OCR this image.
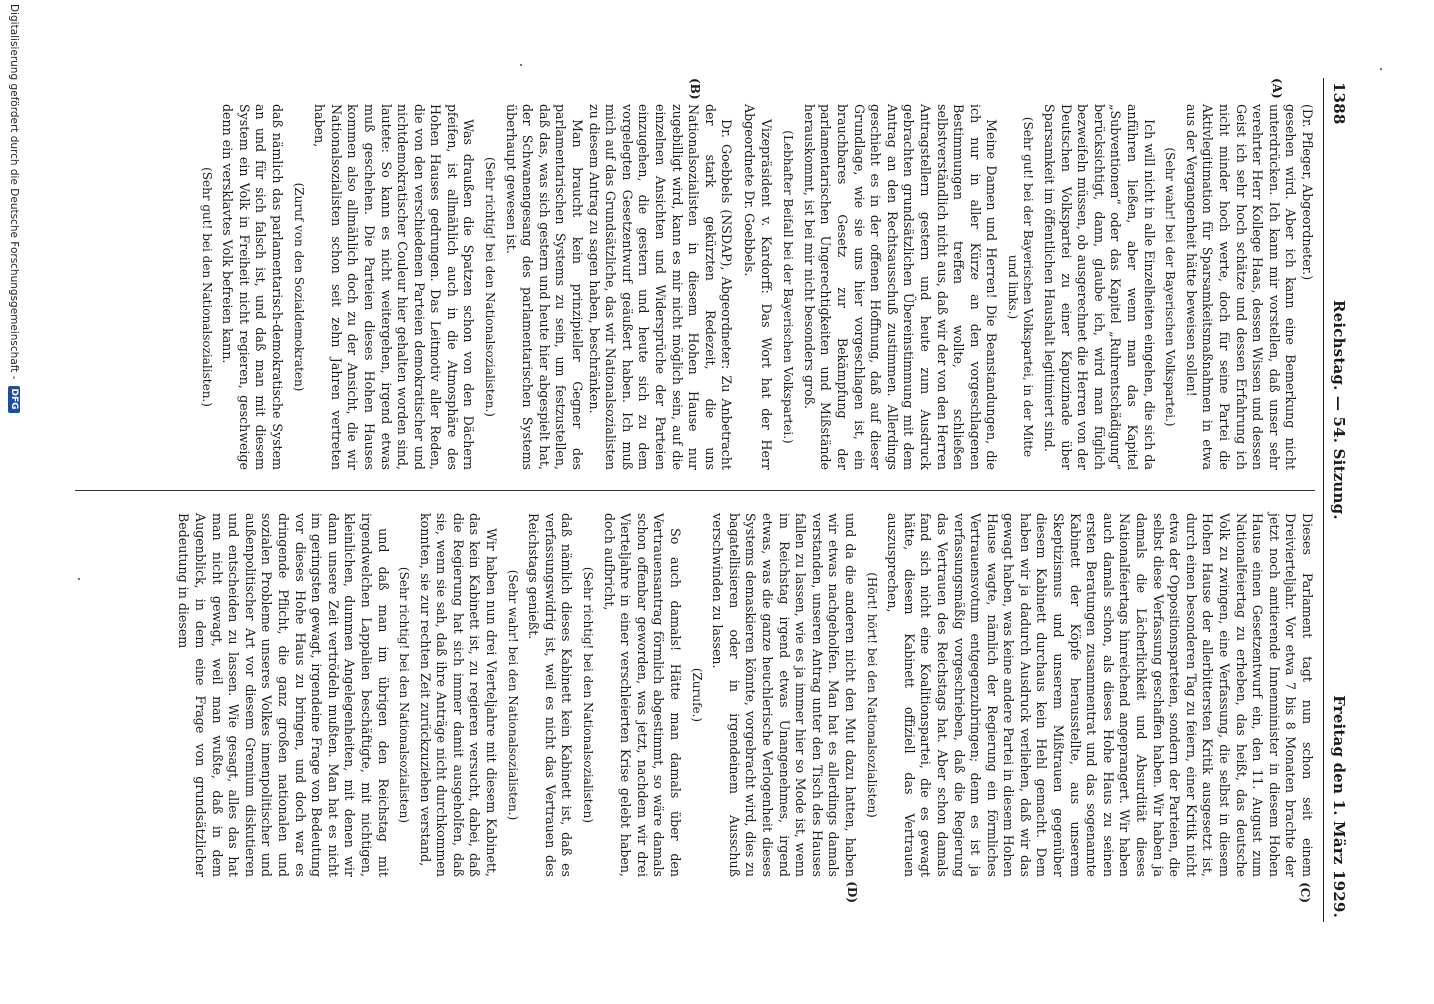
1388
Reichstag. — 54. Sitzung.
Freitag den 1. März 1929.
(A)
(B)

(Dr. Pfleger, Abgeordneter.)

gesehen wird. Aber ich kann eine Bemerkung nicht unterdrücken. Ich kann mir vorstellen, daß unser sehr verehrter Herr Kollege Haas, dessen Wissen und dessen Geist ich sehr hoch schätze und dessen Erfahrung ich nicht minder hoch werte, doch für seine Partei die Aktivlegitimation für Sparsamkeitsmaßnahmen in etwa aus der Vergangenheit hätte beweisen sollen!

(Sehr wahr! bei der Bayerischen Volkspartei.)

Ich will nicht in alle Einzelheiten eingehen, die sich da anführen ließen, aber wenn man das Kapitel „Subventionen“ oder das Kapitel „Ruhrentschädigung“ berücksichtigt, dann, glaube ich, wird man füglich bezweifeln müssen, ob ausgerechnet die Herren von der Deutschen Volkspartei zu einer Kapuzinade über Sparsamkeit im öffentlichen Haushalt legitimiert sind.

(Sehr gut! bei der Bayerischen Volkspartei, in der Mitte und links.)

Meine Damen und Herren! Die Beanstandungen, die ich nur in aller Kürze an den vorgeschlagenen Bestimmungen treffen wollte, schließen selbstverständlich nicht aus, daß wir der von den Herren Antragstellern gestern und heute zum Ausdruck gebrachten grundsätzlichen Übereinstimmung mit dem Antrag an den Rechtsausschuß zustimmen. Allerdings geschieht es in der offenen Hoffnung, daß auf dieser Grundlage, wie sie uns hier vorgeschlagen ist, ein brauchbares Gesetz zur Bekämpfung der parlamentarischen Ungerechtigkeiten und Mißstände herauskommt, ist bei mir nicht besonders groß.

(Lebhafter Beifall bei der Bayerischen Volkspartei.)

Vizepräsident v. Kardorff: Das Wort hat der Herr Abgeordnete Dr. Goebbels.

Dr. Goebbels (NSDAP), Abgeordneter: Zu Anbetracht der stark gekürzten Redezeit, die uns Nationalsozialisten in diesem Hohen Hause nur zugebilligt wird, kann es mir nicht möglich sein, auf die einzelnen Ansichten und Widersprüche der Parteien einzugehen, die gestern und heute sich zu dem vorgelegten Gesetzentwurf geäußert haben. Ich muß mich auf das Grundsätzliche, das wir Nationalsozialisten zu diesem Antrag zu sagen haben, beschränken.

Man braucht kein prinzipieller Gegner des parlamentarischen Systems zu sein, um festzustellen, daß das, was sich gestern und heute hier abgespielt hat, der Schwanengesang des parlamentarischen Systems überhaupt gewesen ist.

(Sehr richtig! bei den Nationalsozialisten.)

Was draußen die Spatzen schon von den Dächern pfeifen, ist allmählich auch in die Atmosphäre des Hohen Hauses gedrungen. Das Leitmotiv aller Reden, die von den verschiedenen Parteien demokratischer und nichtdemokratischer Couleur hier gehalten worden sind, lautete: So kann es nicht weitergehen, irgend etwas muß geschehen. Die Parteien dieses Hohen Hauses kommen also allmählich doch zu der Ansicht, die wir Nationalsozialisten schon seit zehn Jahren vertreten haben,

(Zuruf von den Sozialdemokraten)

daß nämlich das parlamentarisch-demokratische System an und für sich falsch ist, und daß man mit diesem System ein Volk in Freiheit nicht regieren, geschweige denn ein versklavtes Volk befreien kann.

(Sehr gut! bei den Nationalsozialisten.)

(C)
(D)

Dieses Parlament tagt nun schon seit einem Dreivierteljahr. Vor etwa 7 bis 8 Monaten brachte der jetzt noch amtierende Innenminister in diesem Hohen Hause einen Gesetzentwurf ein, den 11. August zum Nationalfeiertag zu erheben, das heißt, das deutsche Volk zu zwingen, eine Verfassung, die selbst in diesem Hohen Hause der allerbittersten Kritik ausgesetzt ist, durch einen besonderen Tag zu feiern, einer Kritik nicht etwa der Oppositionsparteien, sondern der Parteien, die selbst diese Verfassung geschaffen haben. Wir haben ja damals die Lächerlichkeit und Absurdität dieses Nationalfeiertags hinreichend angeprangert. Wir haben auch damals schon, als dieses Hohe Haus zu seinen ersten Beratungen zusammentrat und das sogenannte Kabinett der Köpfe herausstellte, aus unserem Skeptizismus und unserem Mißtrauen gegenüber diesem Kabinett durchaus kein Hehl gemacht. Dem haben wir ja dadurch Ausdruck verliehen, daß wir das gewagt haben, was keine andere Partei in diesem Hohen Hause wagte, nämlich der Regierung ein förmliches Vertrauensvotum entgegenzubringen; denn es ist ja verfassungsmäßig vorgeschrieben, daß die Regierung das Vertrauen des Reichstags hat. Aber schon damals fand sich nicht eine Koalitionspartei, die es gewagt hätte, diesem Kabinett offiziell das Vertrauen auszusprechen,

(Hört! hört! bei den Nationalsozialisten)

und da die anderen nicht den Mut dazu hatten, haben wir etwas nachgeholfen. Man hat es allerdings damals verstanden, unseren Antrag unter den Tisch des Hauses fallen zu lassen, wie es ja immer hier so Mode ist, wenn im Reichstag irgend etwas Unangenehmes, irgend etwas, was die ganze heuchlerische Verlogenheit dieses Systems demaskieren könnte, vorgebracht wird, dies zu bagatellisieren oder in irgendeinem Ausschuß verschwinden zu lassen.

(Zurufe.)

So auch damals! Hätte man damals über den Vertrauensantrag förmlich abgestimmt, so wäre damals schon offenbar geworden, was jetzt, nachdem wir drei Vierteljahre in einer verschleierten Krise gelebt haben, doch aufbricht,

(Sehr richtig! bei den Nationalsozialisten)

daß nämlich dieses Kabinett kein Kabinett ist, daß es verfassungswidrig ist, weil es nicht das Vertrauen des Reichstags genießt.

(Sehr wahr! bei den Nationalsozialisten.)

Wir haben nun drei Vierteljahre mit diesem Kabinett, das kein Kabinett ist, zu regieren versucht, dabei, daß die Regierung hat sich immer damit ausgeholfen, daß sie, wenn sie sah, daß ihre Anträge nicht durchkommen konnten, sie zur rechten Zeit zurückzuziehen verstand,

(Sehr richtig! bei den Nationalsozialisten)

und daß man im übrigen den Reichstag mit irgendwelchen Lappalien beschäftigte, mit nichtigen, kleinlichen, dummen Angelegenheiten, mit denen wir dann unsere Zeit vertrödeln mußten. Man hat es nicht im geringsten gewagt, irgendeine Frage von Bedeutung vor dieses Hohe Haus zu bringen, und doch war es dringende Pflicht, die ganz großen nationalen und sozialen Probleme unseres Volkes innenpolitischer und außenpolitischer Art vor diesem Gremium diskutieren und entscheiden zu lassen. Wie gesagt, alles das hat man nicht gewagt, weil man wußte, daß in dem Augenblick, in dem eine Frage von grundsätzlicher Bedeutung in diesem

Digitalisierung gefördert durch die Deutsche Forschungsgemeinschaft -
DFG
